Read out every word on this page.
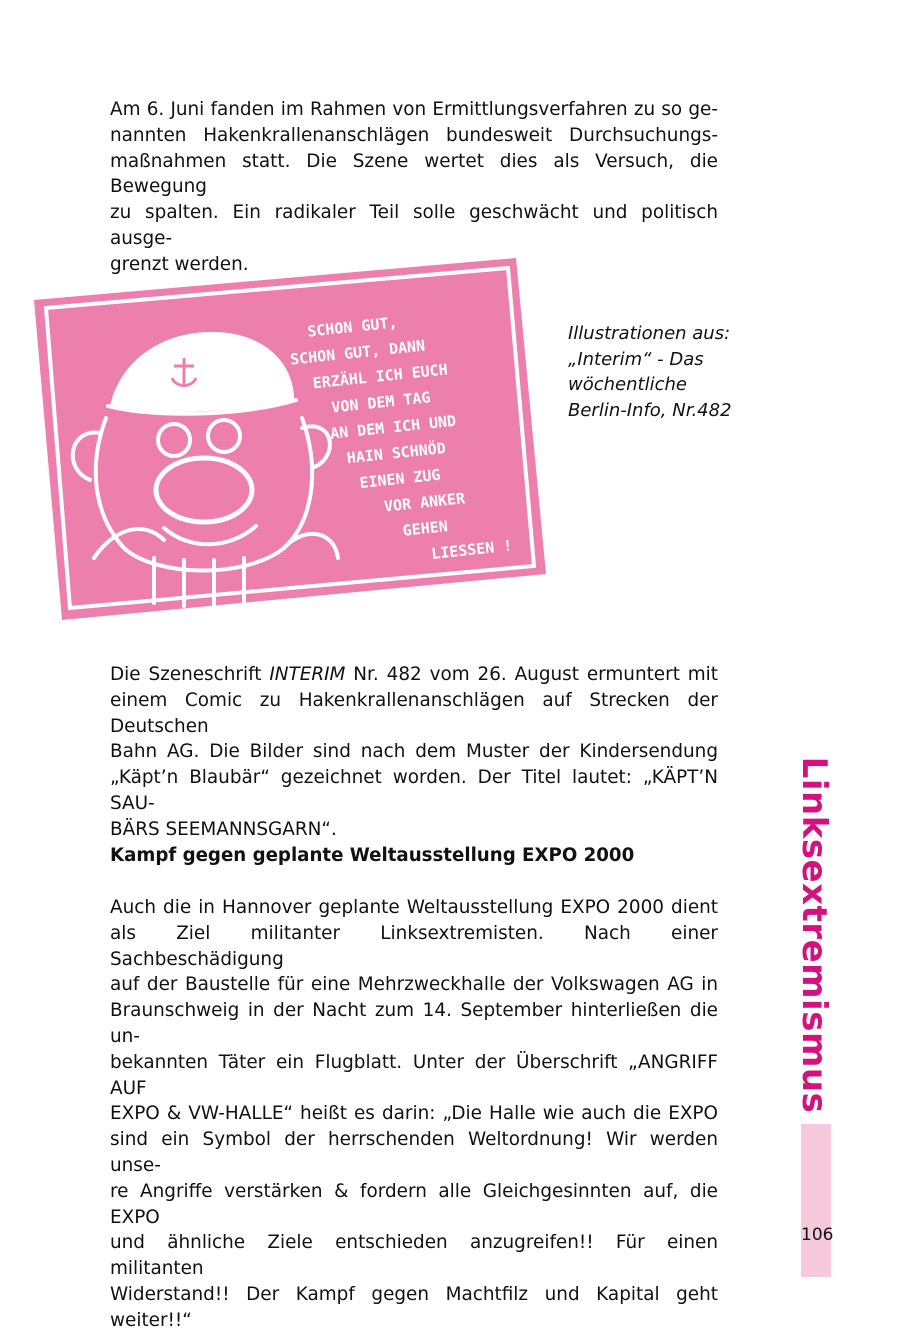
Am 6. Juni fanden im Rahmen von Ermittlungsverfahren zu so ge-
nannten Hakenkrallenanschlägen bundesweit Durchsuchungs-
maßnahmen statt. Die Szene wertet dies als Versuch, die Bewegung
zu spalten. Ein radikaler Teil solle geschwächt und politisch ausge-
grenzt werden.
SCHON GUT,
SCHON GUT, DANN
ERZÄHL ICH EUCH
VON DEM TAG
AN DEM ICH UND
HAIN SCHNÖD
EINEN ZUG
VOR ANKER
GEHEN
LIESSEN !
Illustrationen aus:
„Interim“ - Das
wöchentliche
Berlin-Info, Nr.482
Die Szeneschrift INTERIM Nr. 482 vom 26. August ermuntert mit
einem Comic zu Hakenkrallenanschlägen auf Strecken der Deutschen
Bahn AG. Die Bilder sind nach dem Muster der Kindersendung
„Käpt’n Blaubär“ gezeichnet worden. Der Titel lautet: „KÄPT’N SAU-
BÄRS SEEMANNSGARN“.
Kampf gegen geplante Weltausstellung EXPO 2000
Auch die in Hannover geplante Weltausstellung EXPO 2000 dient
als Ziel militanter Linksextremisten. Nach einer Sachbeschädigung
auf der Baustelle für eine Mehrzweckhalle der Volkswagen AG in
Braunschweig in der Nacht zum 14. September hinterließen die un-
bekannten Täter ein Flugblatt. Unter der Überschrift „ANGRIFF AUF
EXPO & VW-HALLE“ heißt es darin: „Die Halle wie auch die EXPO
sind ein Symbol der herrschenden Weltordnung! Wir werden unse-
re Angriffe verstärken & fordern alle Gleichgesinnten auf, die EXPO
und ähnliche Ziele entschieden anzugreifen!! Für einen militanten
Widerstand!! Der Kampf gegen Machtfilz und Kapital geht weiter!!“
Linksextremismus
106
